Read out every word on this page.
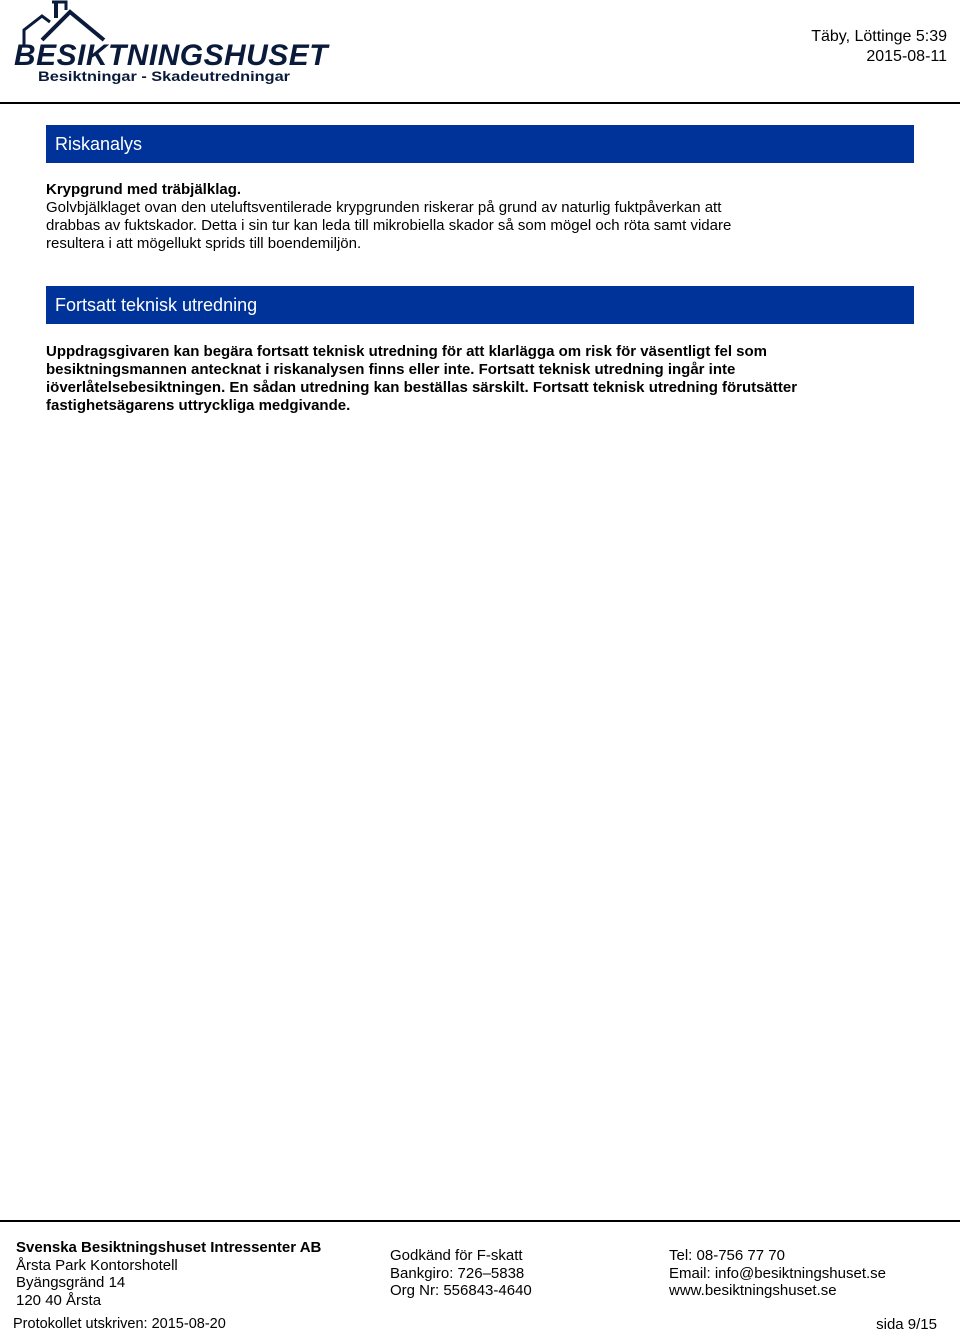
BESIKTNINGSHUSET
Besiktningar - Skadeutredningar
Täby, Löttinge 5:39
2015-08-11
Riskanalys
Krypgrund med träbjälklag.
Golvbjälklaget ovan den uteluftsventilerade krypgrunden riskerar på grund av naturlig fuktpåverkan att
drabbas av fuktskador. Detta i sin tur kan leda till mikrobiella skador så som mögel och röta samt vidare
resultera i att mögellukt sprids till boendemiljön.
Fortsatt teknisk utredning
Uppdragsgivaren kan begära fortsatt teknisk utredning för att klarlägga om risk för väsentligt fel som
besiktningsmannen antecknat i riskanalysen finns eller inte. Fortsatt teknisk utredning ingår inte
iöverlåtelsebesiktningen. En sådan utredning kan beställas särskilt. Fortsatt teknisk utredning förutsätter
fastighetsägarens uttryckliga medgivande.
Svenska Besiktningshuset Intressenter AB
Årsta Park Kontorshotell
Byängsgränd 14
120 40 Årsta
Godkänd för F-skatt
Bankgiro: 726–5838
Org Nr: 556843-4640
Tel: 08-756 77 70
Email: info@besiktningshuset.se
www.besiktningshuset.se
Protokollet utskriven: 2015-08-20	sida 9/15
